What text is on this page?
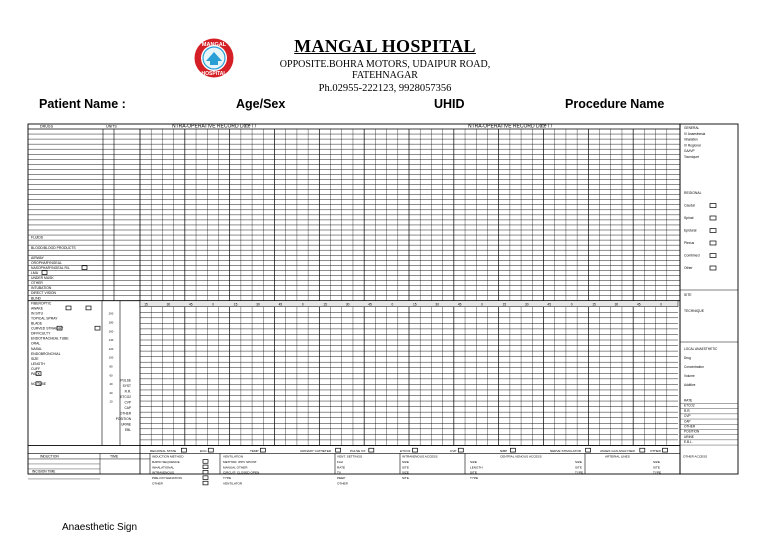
MANGAL
HOSPITAL
MANGAL HOSPITAL
OPPOSITE.BOHRA MOTORS, UDAIPUR ROAD, FATEHNAGAR
Ph.02955-222123, 9928057356
Patient Name :	Age/Sex	UHID	Procedure Name
DRUGS	UNITS	NTRA-OPERATIVE RECORD Date / /	NTRA-OPERATIVE RECORD Date / /
15	30	45	0	15	30	45	0	15	30	45	0	15	30	45	0	15	30	45	0	15	30	45	0
200
180
160
140
120
100
80
60
40
20
10
PULSE
SYST
R.R.
ETCO2
CVP
CAP
OTHER
POSITION
URINE
EBL
FLUIDS
BLOOD/BLOOD PRODUCTS
AIRWAY
OROPHARYNGEAL
NASOPHARYNGEAL R/L
LMA
UNDER MASK
OTHER
INTUBATION
DIRECT VISION
BLIND
FIBEROPTIC
AWAKE
IN SITU
TOPICAL SPRAY
BLADE
CURVED STRAIGHT
DIFFICULTY
ENDOTRACHEAL TUBE
ORAL
NASAL
ENDOBRONCHIAL
SIZE
LENGTH
CUFF
PACK
NG TUBE
GENERAL
IV Anaesthesia
Inhalation
IV Regional
GA/IVP
Tourniquet
REGIONAL
Caudal
Spinal
Epidural
Plexus
Combined
Other
SITE
TECHNIQUE
LOCAL ANAESTHETIC
Drug
Concentration
Volume
Additive
RATE
ETCO2
R.R.
CVP
CAP
OTHER
POSITION
URINE
E.B.L.
REGIONAL STATE	ECG	TEMP	URINARY CATHETER	PULSE OX	ETCO2	CVP	NIBP	NERVE STIMULATOR	ANAES GAS ANALYSER	OTHER
INDUCTION	TIME
INCISION TIME
INDUCTION METHOD
RAPID SEQUENCE
INHALATIONAL
INTRAVENOUS
PRE-OXYGENATION
OTHER
VENTILATION
METHOD: IPPV SPONT
MANUAL OTHER
CIRCUIT: CLOSED OPEN
TYPE
VENTILATOR
VENT. SETTINGS
Fio2
RATE
TV
PEEP
OTHER
INTRAVENOUS ACCESS
SIZE
SITE
SIZE
SITE
CENTRAL VENOUS ACCESS
SIZE
LENGTH
SITE
TYPE
ARTERIAL LINES
SIZE
SITE
TYPE
OTHER ACCESS
SIZE
SITE
TYPE
Anaesthetic Sign
